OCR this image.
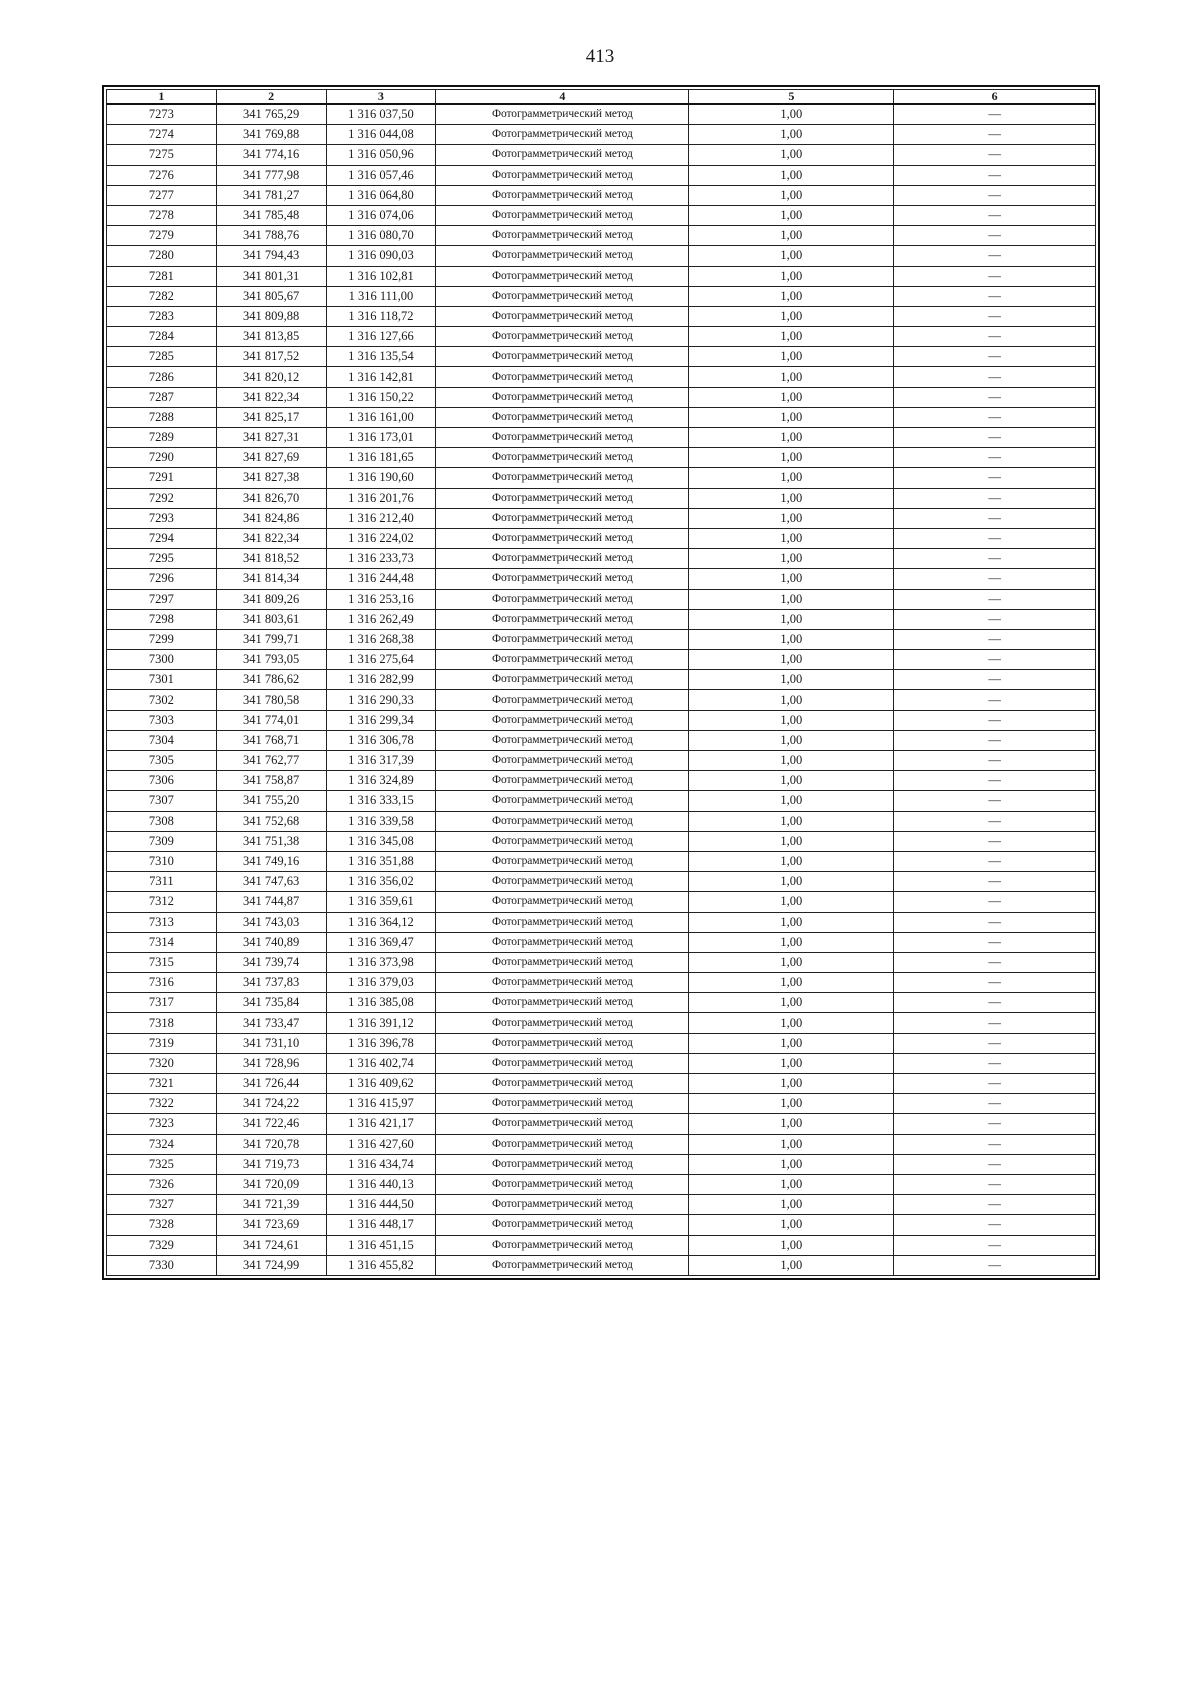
413
1	2	3	4	5	6
7273	341 765,29	1 316 037,50	Фотограмметрический метод	1,00	—
7274	341 769,88	1 316 044,08	Фотограмметрический метод	1,00	—
7275	341 774,16	1 316 050,96	Фотограмметрический метод	1,00	—
7276	341 777,98	1 316 057,46	Фотограмметрический метод	1,00	—
7277	341 781,27	1 316 064,80	Фотограмметрический метод	1,00	—
7278	341 785,48	1 316 074,06	Фотограмметрический метод	1,00	—
7279	341 788,76	1 316 080,70	Фотограмметрический метод	1,00	—
7280	341 794,43	1 316 090,03	Фотограмметрический метод	1,00	—
7281	341 801,31	1 316 102,81	Фотограмметрический метод	1,00	—
7282	341 805,67	1 316 111,00	Фотограмметрический метод	1,00	—
7283	341 809,88	1 316 118,72	Фотограмметрический метод	1,00	—
7284	341 813,85	1 316 127,66	Фотограмметрический метод	1,00	—
7285	341 817,52	1 316 135,54	Фотограмметрический метод	1,00	—
7286	341 820,12	1 316 142,81	Фотограмметрический метод	1,00	—
7287	341 822,34	1 316 150,22	Фотограмметрический метод	1,00	—
7288	341 825,17	1 316 161,00	Фотограмметрический метод	1,00	—
7289	341 827,31	1 316 173,01	Фотограмметрический метод	1,00	—
7290	341 827,69	1 316 181,65	Фотограмметрический метод	1,00	—
7291	341 827,38	1 316 190,60	Фотограмметрический метод	1,00	—
7292	341 826,70	1 316 201,76	Фотограмметрический метод	1,00	—
7293	341 824,86	1 316 212,40	Фотограмметрический метод	1,00	—
7294	341 822,34	1 316 224,02	Фотограмметрический метод	1,00	—
7295	341 818,52	1 316 233,73	Фотограмметрический метод	1,00	—
7296	341 814,34	1 316 244,48	Фотограмметрический метод	1,00	—
7297	341 809,26	1 316 253,16	Фотограмметрический метод	1,00	—
7298	341 803,61	1 316 262,49	Фотограмметрический метод	1,00	—
7299	341 799,71	1 316 268,38	Фотограмметрический метод	1,00	—
7300	341 793,05	1 316 275,64	Фотограмметрический метод	1,00	—
7301	341 786,62	1 316 282,99	Фотограмметрический метод	1,00	—
7302	341 780,58	1 316 290,33	Фотограмметрический метод	1,00	—
7303	341 774,01	1 316 299,34	Фотограмметрический метод	1,00	—
7304	341 768,71	1 316 306,78	Фотограмметрический метод	1,00	—
7305	341 762,77	1 316 317,39	Фотограмметрический метод	1,00	—
7306	341 758,87	1 316 324,89	Фотограмметрический метод	1,00	—
7307	341 755,20	1 316 333,15	Фотограмметрический метод	1,00	—
7308	341 752,68	1 316 339,58	Фотограмметрический метод	1,00	—
7309	341 751,38	1 316 345,08	Фотограмметрический метод	1,00	—
7310	341 749,16	1 316 351,88	Фотограмметрический метод	1,00	—
7311	341 747,63	1 316 356,02	Фотограмметрический метод	1,00	—
7312	341 744,87	1 316 359,61	Фотограмметрический метод	1,00	—
7313	341 743,03	1 316 364,12	Фотограмметрический метод	1,00	—
7314	341 740,89	1 316 369,47	Фотограмметрический метод	1,00	—
7315	341 739,74	1 316 373,98	Фотограмметрический метод	1,00	—
7316	341 737,83	1 316 379,03	Фотограмметрический метод	1,00	—
7317	341 735,84	1 316 385,08	Фотограмметрический метод	1,00	—
7318	341 733,47	1 316 391,12	Фотограмметрический метод	1,00	—
7319	341 731,10	1 316 396,78	Фотограмметрический метод	1,00	—
7320	341 728,96	1 316 402,74	Фотограмметрический метод	1,00	—
7321	341 726,44	1 316 409,62	Фотограмметрический метод	1,00	—
7322	341 724,22	1 316 415,97	Фотограмметрический метод	1,00	—
7323	341 722,46	1 316 421,17	Фотограмметрический метод	1,00	—
7324	341 720,78	1 316 427,60	Фотограмметрический метод	1,00	—
7325	341 719,73	1 316 434,74	Фотограмметрический метод	1,00	—
7326	341 720,09	1 316 440,13	Фотограмметрический метод	1,00	—
7327	341 721,39	1 316 444,50	Фотограмметрический метод	1,00	—
7328	341 723,69	1 316 448,17	Фотограмметрический метод	1,00	—
7329	341 724,61	1 316 451,15	Фотограмметрический метод	1,00	—
7330	341 724,99	1 316 455,82	Фотограмметрический метод	1,00	—
